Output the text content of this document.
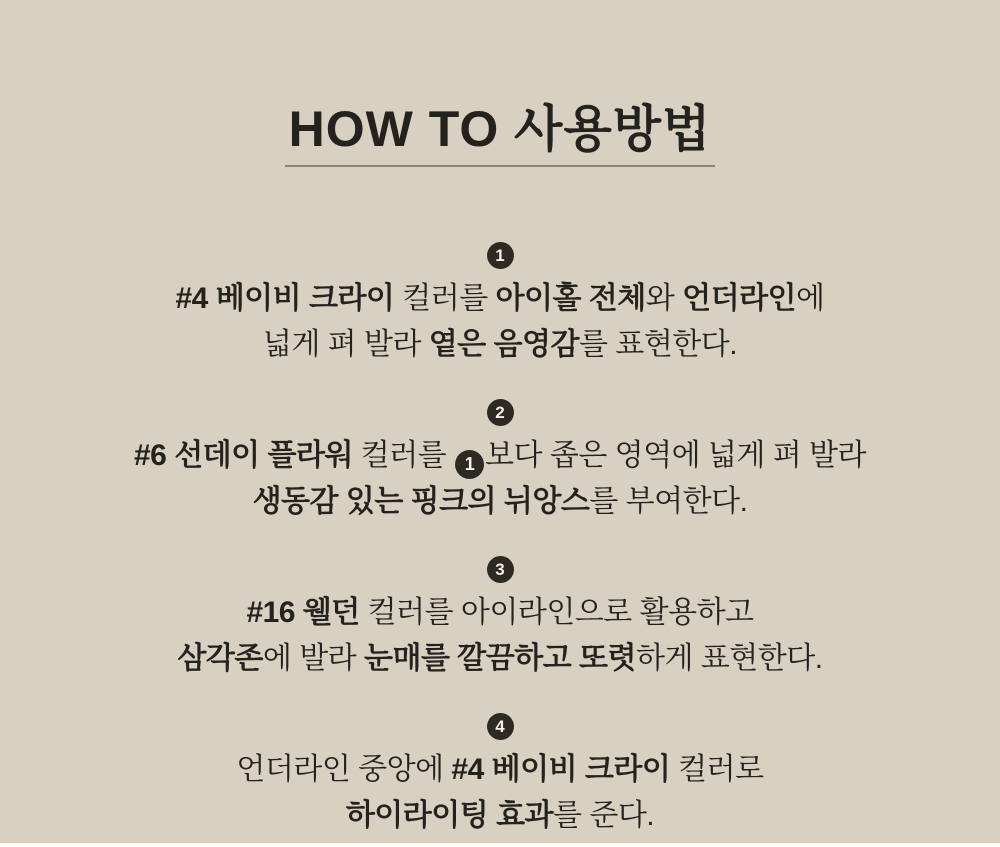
HOW TO 사용방법
1

#4 베이비 크라이 컬러를 아이홀 전체와 언더라인에

넓게 펴 발라 옅은 음영감를 표현한다.

2

#6 선데이 플라워 컬러를 1 보다 좁은 영역에 넓게 펴 발라

생동감 있는 핑크의 뉘앙스를 부여한다.

3

#16 웰던 컬러를 아이라인으로 활용하고

삼각존에 발라 눈매를 깔끔하고 또렷하게 표현한다.

4

언더라인 중앙에 #4 베이비 크라이 컬러로

하이라이팅 효과를 준다.
